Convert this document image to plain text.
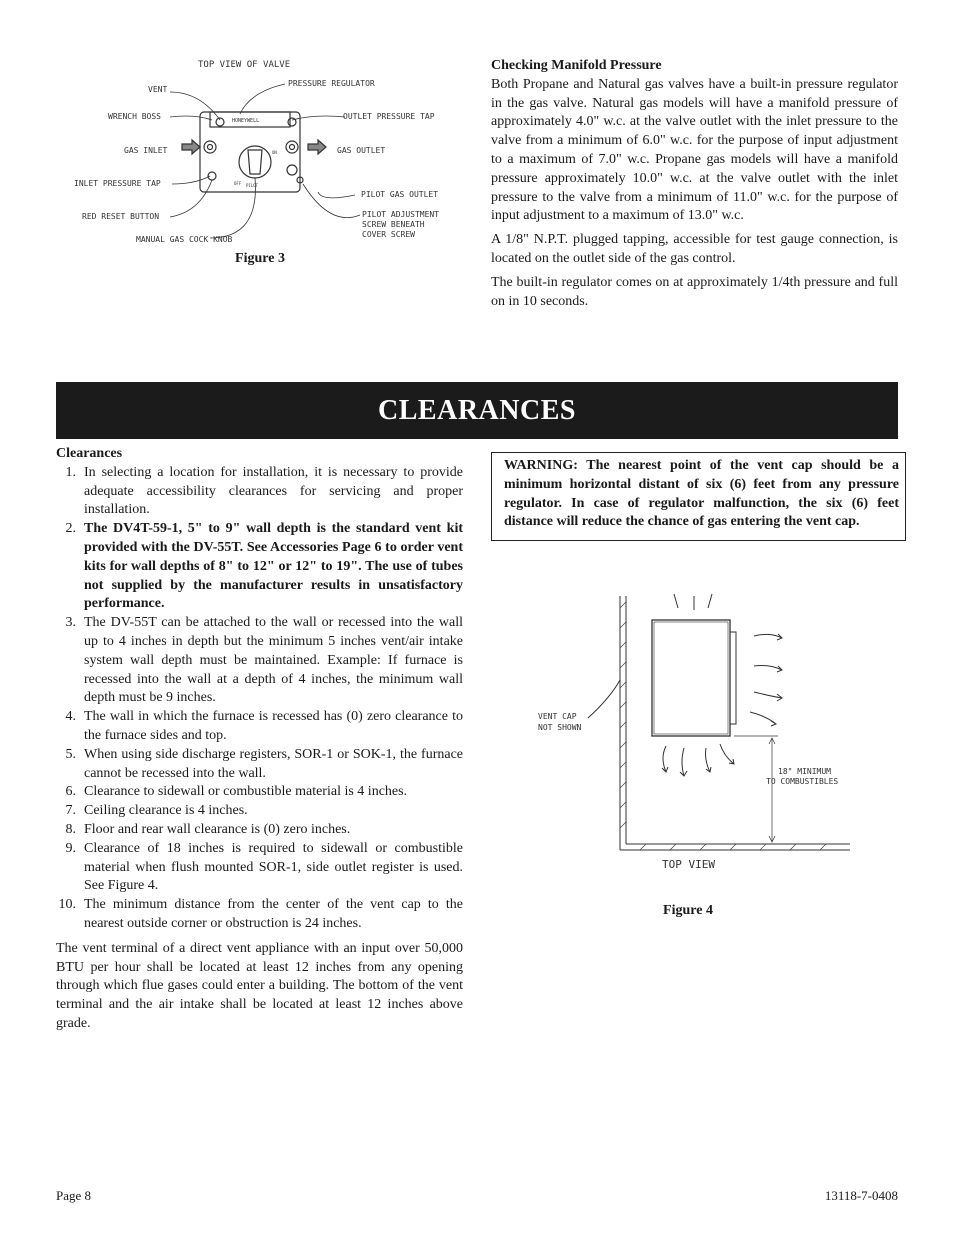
TOP VIEW OF VALVE
HONEYWELL
OFF PILOT
ON
VENT
PRESSURE REGULATOR
WRENCH BOSS	OUTLET PRESSURE TAP
GAS INLET	GAS OUTLET
INLET PRESSURE TAP
PILOT GAS OUTLET
RED RESET BUTTON	PILOT ADJUSTMENT
SCREW BENEATH
COVER SCREW
MANUAL GAS COCK KNOB
Figure 3
Checking Manifold Pressure

Both Propane and Natural gas valves have a built-in pressure regulator in the gas valve. Natural gas models will have a manifold pressure of approximately 4.0" w.c. at the valve outlet with the inlet pressure to the valve from a minimum of 6.0" w.c. for the purpose of input adjustment to a maximum of 7.0" w.c. Propane gas models will have a manifold pressure approximately 10.0" w.c. at the valve outlet with the inlet pressure to the valve from a minimum of 11.0" w.c. for the purpose of input adjustment to a maximum of 13.0" w.c.

A 1/8" N.P.T. plugged tapping, accessible for test gauge connection, is located on the outlet side of the gas control.

The built-in regulator comes on at approximately 1/4th pressure and full on in 10 seconds.

CLEARANCES
Clearances
1. In selecting a location for installation, it is necessary to provide adequate accessibility clearances for servicing and proper installation.
2. The DV4T-59-1, 5" to 9" wall depth is the standard vent kit provided with the DV-55T. See Accessories Page 6 to order vent kits for wall depths of 8" to 12" or 12" to 19". The use of tubes not supplied by the manufacturer results in unsatisfactory performance.
3. The DV-55T can be attached to the wall or recessed into the wall up to 4 inches in depth but the minimum 5 inches vent/air intake system wall depth must be maintained. Example: If furnace is recessed into the wall at a depth of 4 inches, the minimum wall depth must be 9 inches.
4. The wall in which the furnace is recessed has (0) zero clearance to the furnace sides and top.
5. When using side discharge registers, SOR-1 or SOK-1, the furnace cannot be recessed into the wall.
6. Clearance to sidewall or combustible material is 4 inches.
7. Ceiling clearance is 4 inches.
8. Floor and rear wall clearance is (0) zero inches.
9. Clearance of 18 inches is required to sidewall or combustible material when flush mounted SOR-1, side outlet register is used. See Figure 4.
10. The minimum distance from the center of the vent cap to the nearest outside corner or obstruction is 24 inches.

The vent terminal of a direct vent appliance with an input over 50,000 BTU per hour shall be located at least 12 inches from any opening through which flue gases could enter a building. The bottom of the vent terminal and the air intake shall be located at least 12 inches above grade.

WARNING: The nearest point of the vent cap should be a minimum horizontal distant of six (6) feet from any pressure regulator. In case of regulator malfunction, the six (6) feet distance will reduce the chance of gas entering the vent cap.
VENT CAP
NOT SHOWN
18" MINIMUM
TO COMBUSTIBLES
TOP VIEW
Figure 4
Page 8	13118-7-0408
